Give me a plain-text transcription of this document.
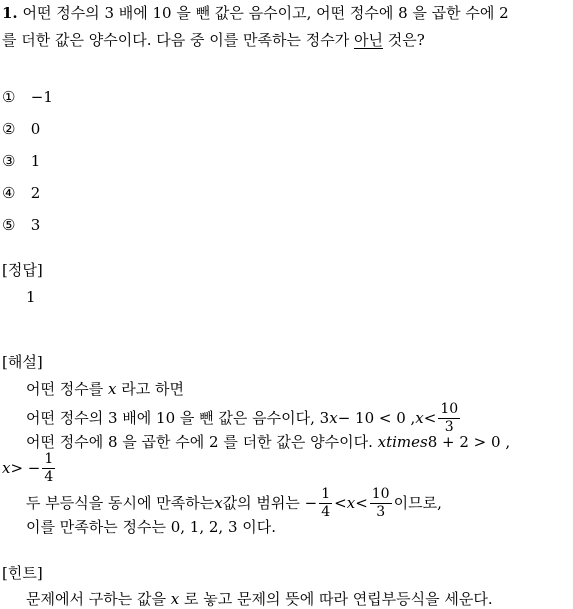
1. 어떤 정수의 3 배에 10 을 뺀 값은 음수이고, 어떤 정수에 8 을 곱한 수에 2
를 더한 값은 양수이다. 다음 중 이를 만족하는 정수가 아닌 것은?
① −1
② 0
③ 1
④ 2
⑤ 3
[정답]
1
[해설]
어떤 정수를 x 라고 하면
어떤 정수의 3 배에 10 을 뺀 값은 음수이다, 3 x − 10 < 0 , $x < \frac{10}{3}$
어떤 정수에 8 을 곱한 수에 2 를 더한 값은 양수이다. xtimes8 + 2 > 0 ,
x > − $\frac{1}{4}$
두 부등식을 동시에 만족하는 x 값의 범위는 − $\frac{1}{4} < x < \frac{10}{3}$ 이므로,
이를 만족하는 정수는 0, 1, 2, 3 이다.
[힌트]
문제에서 구하는 값을 x 로 놓고 문제의 뜻에 따라 연립부등식을 세운다.
